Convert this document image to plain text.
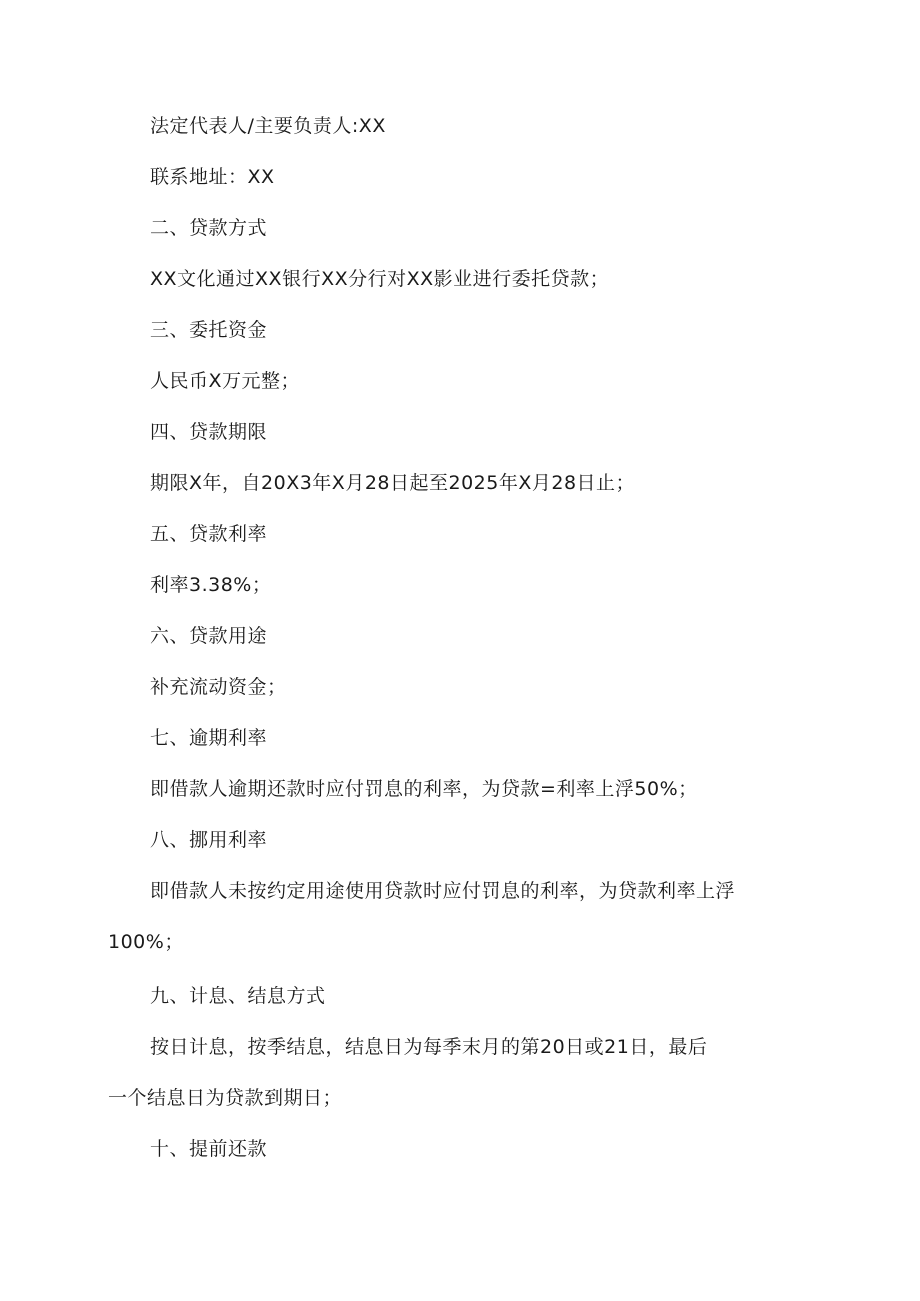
法定代表人/主要负责人:XX
联系地址：XX
二、贷款方式
XX文化通过XX银行XX分行对XX影业进行委托贷款；
三、委托资金
人民币X万元整；
四、贷款期限
期限X年，自20X3年X月28日起至2025年X月28日止；
五、贷款利率
利率3.38%；
六、贷款用途
补充流动资金；
七、逾期利率
即借款人逾期还款时应付罚息的利率，为贷款=利率上浮50%；
八、挪用利率
即借款人未按约定用途使用贷款时应付罚息的利率，为贷款利率上浮
100%；
九、计息、结息方式
按日计息，按季结息，结息日为每季末月的第20日或21日，最后
一个结息日为贷款到期日；
十、提前还款
